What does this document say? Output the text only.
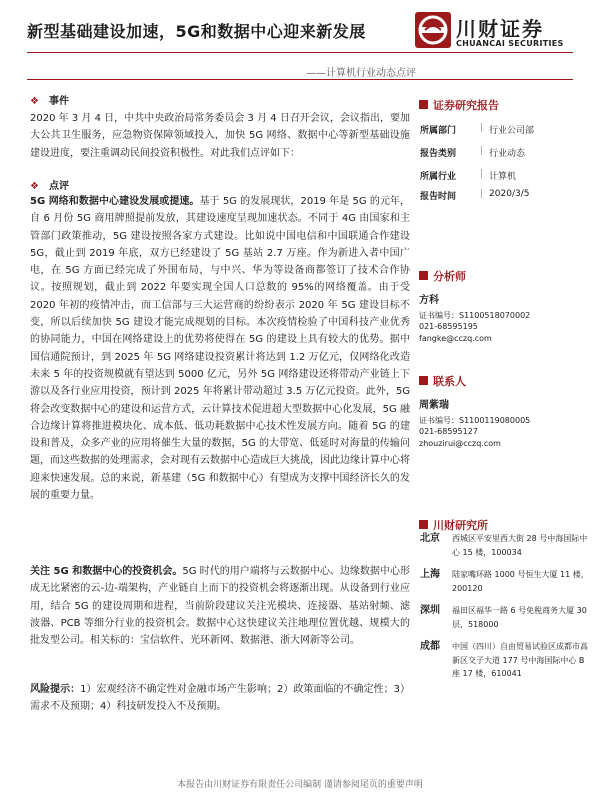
新型基础建设加速，5G和数据中心迎来新发展	川财证券
CHUANCAI SECURITIES
——计算机行业动态点评
❖ 事件
2020 年 3 月 4 日，中共中央政治局常务委员会 3 月 4 日召开会议，会议指出，要加大公共卫生服务，应急物资保障领域投入，加快 5G 网络、数据中心等新型基础设施建设进度，要注重调动民间投资积极性。对此我们点评如下：
❖ 点评
5G 网络和数据中心建设发展或提速。基于 5G 的发展现状，2019 年是 5G 的元年，自 6 月份 5G 商用牌照提前发放，其建设速度呈现加速状态。不同于 4G 由国家和主管部门政策推动，5G 建设按照各家方式建设。比如说中国电信和中国联通合作建设 5G，截止到 2019 年底，双方已经建设了 5G 基站 2.7 万座。作为新进入者中国广电，在 5G 方面已经完成了外围布局，与中兴、华为等设备商都签订了技术合作协议。按照规划，截止到 2022 年要实现全国人口总数的 95%的网络覆盖。由于受 2020 年初的疫情冲击，而工信部与三大运营商的纷纷表示 2020 年 5G 建设目标不变，所以后续加快 5G 建设才能完成规划的目标。本次疫情检验了中国科技产业优秀的协同能力，中国在网络建设上的优势将使得在 5G 的建设上具有较大的优势。据中国信通院预计，到 2025 年 5G 网络建设投资累计将达到 1.2 万亿元，仅网络化改造未来 5 年的投资规模就有望达到 5000 亿元，另外 5G 网络建设还将带动产业链上下游以及各行业应用投资，预计到 2025 年将累计带动超过 3.5 万亿元投资。此外，5G 将会改变数据中心的建设和运营方式，云计算技术促进超大型数据中心化发展，5G 融合边缘计算将推进模块化、成本低、低功耗数据中心技术性发展方向。随着 5G 的建设和普及，众多产业的应用将催生大量的数据，5G 的大带宽、低延时对海量的传输问题，而这些数据的处理需求，会对现有云数据中心造成巨大挑战，因此边缘计算中心将迎来快速发展。总的来说，新基建（5G 和数据中心）有望成为支撑中国经济长久的发展的重要力量。
关注 5G 和数据中心的投资机会。5G 时代的用户端将与云数据中心、边缘数据中心形成无比紧密的云-边-端架构，产业链自上而下的投资机会将逐渐出现。从设备到行业应用，结合 5G 的建设周期和进程，当前阶段建议关注光模块、连接器、基站射频、滤波器、PCB 等细分行业的投资机会。数据中心这快建议关注地理位置优越、规模大的批发型公司。相关标的：宝信软件、光环新网、数据港、浙大网新等公司。
风险提示：1）宏观经济不确定性对金融市场产生影响；2）政策面临的不确定性；3）需求不及预期；4）科技研发投入不及预期。
证券研究报告
所属部门	| 行业公司部
报告类别	| 行业动态
所属行业	| 计算机
报告时间	| 2020/3/5
分析师
方科
证书编号：S1100518070002
021-68595195
fangke@cczq.com
联系人
周紫瑞
证书编号：S1100119080005
021-68595127
zhouzirui@cczq.com
川财研究所
北京	西城区平安里西大街 28 号中海国际中心 15 楼，100034
上海	陆家嘴环路 1000 号恒生大厦 11 楼，200120
深圳	福田区福华一路 6 号免税商务大厦 30 层，518000
成都	中国（四川）自由贸易试验区成都市高新区交子大道 177 号中海国际中心 B 座 17 楼，610041
本报告由川财证券有限责任公司编制 谨请参阅尾页的重要声明
